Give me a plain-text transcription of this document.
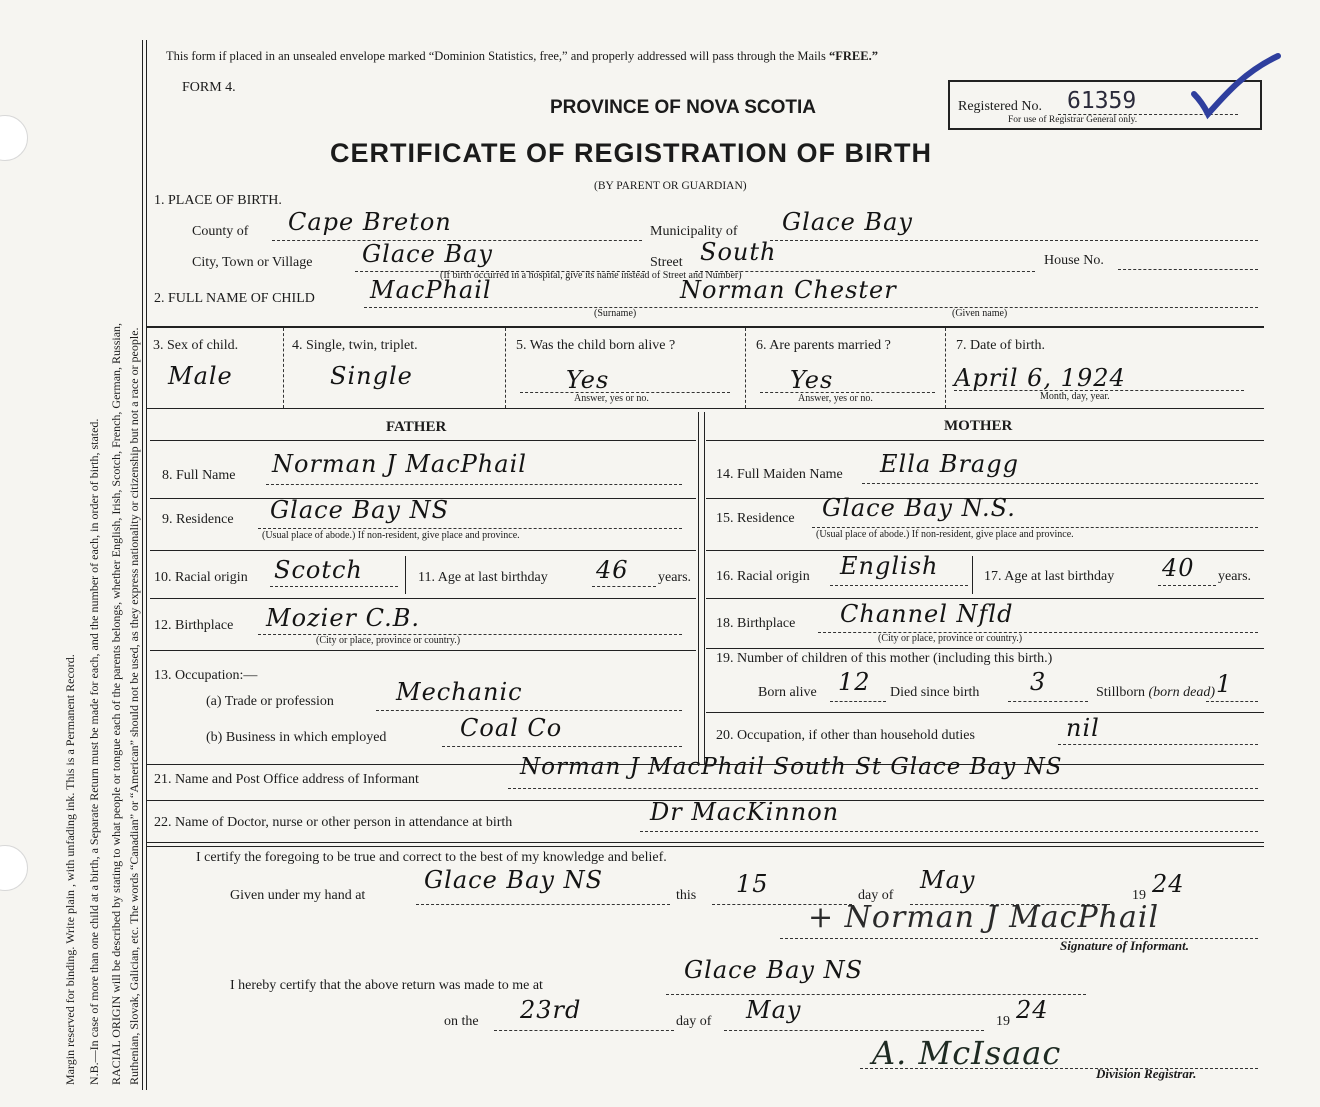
Margin reserved for binding. Write plain , with unfading ink. This is a Permanent Record. N.B.—In case of more than one child at a birth, a Separate Return must be made for each, and the number of each, in order of birth, stated. RACIAL ORIGIN will be described by stating to what people or tongue each of the parents belongs, whether English, Irish, Scotch, French, German, Russian, Ruthenian, Slovak, Galician, etc. The words “Canadian” or “American” should not be used, as they express nationality or citizenship but not a race or people.
This form if placed in an unsealed envelope marked “Dominion Statistics, free,” and properly addressed will pass through the Mails “FREE.”
FORM 4.
PROVINCE OF NOVA SCOTIA	Registered No. 61359
For use of Registrar General only.
CERTIFICATE OF REGISTRATION OF BIRTH
(BY PARENT OR GUARDIAN)
1. PLACE OF BIRTH.
County of Cape Breton	Municipality of Glace Bay
City, Town or Village Glace Bay	Street South
(If birth occurred in a hospital, give its name instead of Street and Number)
House No.
2. FULL NAME OF CHILD MacPhail	Norman Chester
(Surname)	(Given name)
3. Sex of child.
Male
4. Single, twin, triplet.
Single
5. Was the child born alive ?
Yes
Answer, yes or no.
6. Are parents married ?
Yes
Answer, yes or no.
7. Date of birth.
April 6, 1924
Month, day, year.
FATHER	MOTHER
8. Full Name Norman J MacPhail
9. Residence Glace Bay NS
(Usual place of abode.) If non-resident, give place and province.
10. Racial origin Scotch	11. Age at last birthday 46 years.
12. Birthplace Mozier C.B.
(City or place, province or country.)
13. Occupation:—
(a) Trade or profession	Mechanic
(b) Business in which employed	Coal Co
14. Full Maiden Name Ella Bragg
15. Residence Glace Bay N.S.
(Usual place of abode.) If non-resident, give place and province.
16. Racial origin English	17. Age at last birthday 40 years.
18. Birthplace Channel Nfld
(City or place, province or country.)
19. Number of children of this mother (including this birth.)
Born alive 12 Died since birth 3	Stillborn (born dead) 1
20. Occupation, if other than household duties	nil
21. Name and Post Office address of Informant	Norman J MacPhail South St Glace Bay NS
22. Name of Doctor, nurse or other person in attendance at birth	Dr MacKinnon
I certify the foregoing to be true and correct to the best of my knowledge and belief.
Given under my hand at
Glace Bay NS
this 15	day of
May
19 24
+ Norman J MacPhail
Signature of Informant.
I hereby certify that the above return was made to me at
Glace Bay NS
on the 23rd	day of May	19 24
A. McIsaac
Division Registrar.
